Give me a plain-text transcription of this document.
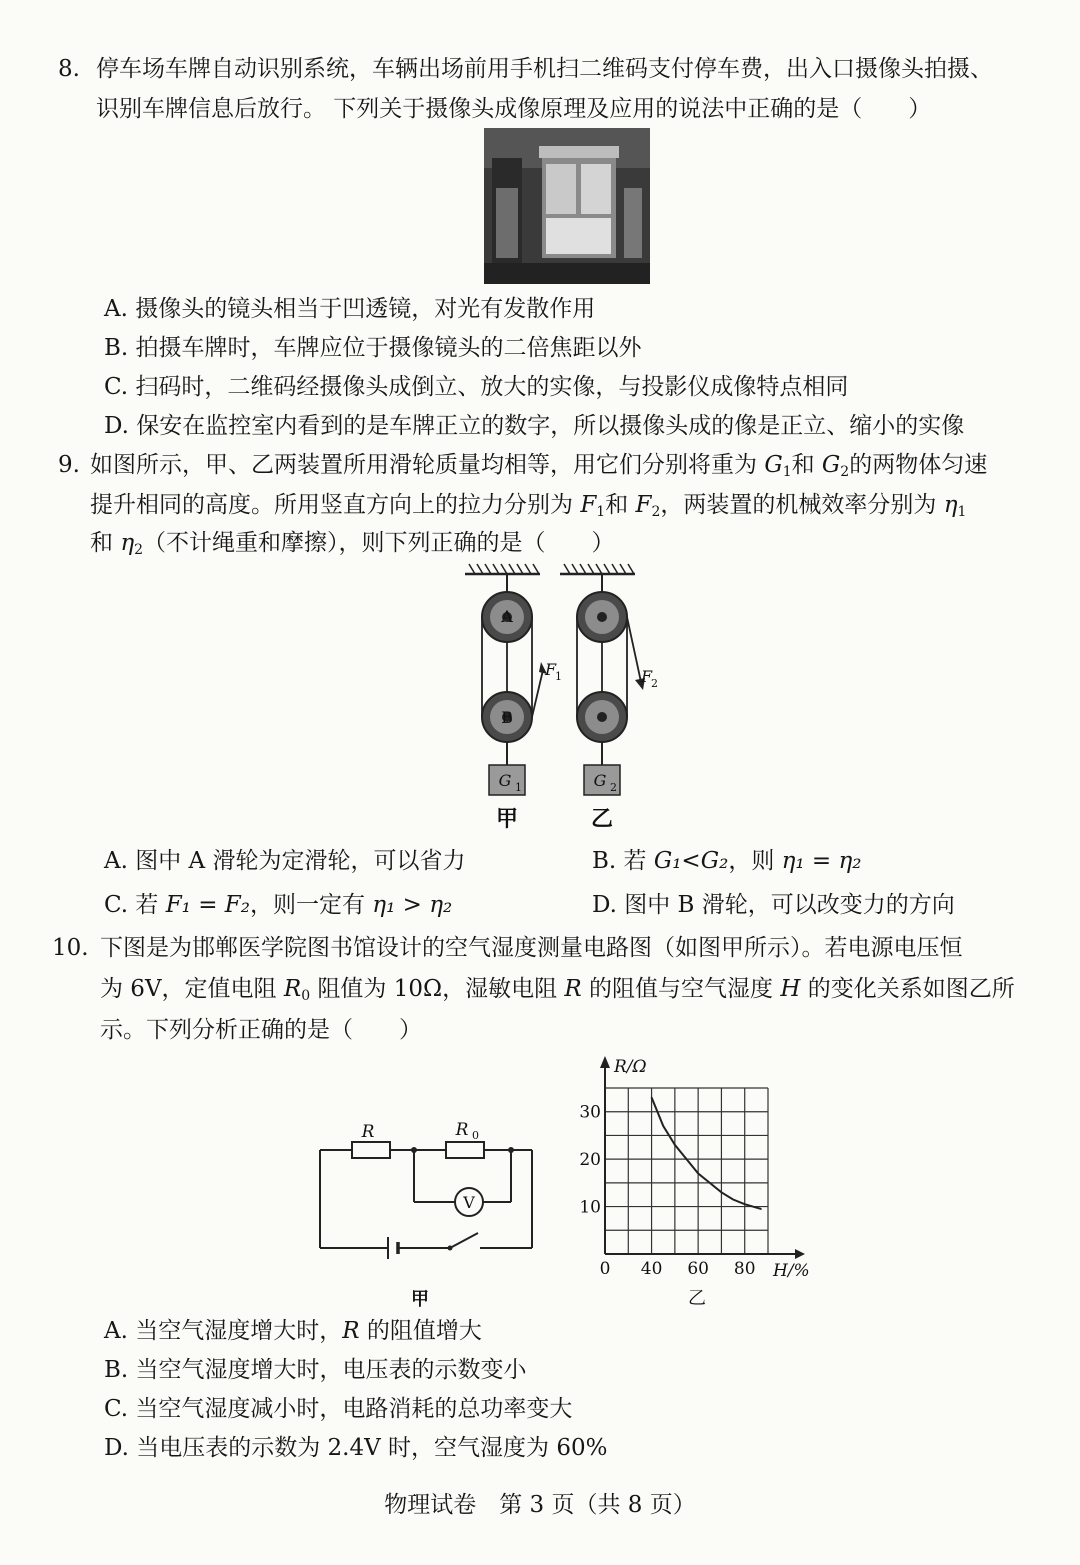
8. 停车场车牌自动识别系统，车辆出场前用手机扫二维码支付停车费，出入口摄像头拍摄、
识别车牌信息后放行。 下列关于摄像头成像原理及应用的说法中正确的是（　　）
A. 摄像头的镜头相当于凹透镜，对光有发散作用
B. 拍摄车牌时，车牌应位于摄像镜头的二倍焦距以外
C. 扫码时，二维码经摄像头成倒立、放大的实像，与投影仪成像特点相同
D. 保安在监控室内看到的是车牌正立的数字，所以摄像头成的像是正立、缩小的实像
9. 如图所示，甲、乙两装置所用滑轮质量均相等，用它们分别将重为 $G_1$和 $G_2$的两物体匀速
提升相同的高度。所用竖直方向上的拉力分别为 $F_1$和 $F_2$，两装置的机械效率分别为 $\eta_1$
和 $\eta_2$（不计绳重和摩擦），则下列正确的是（　　）
A
B
F
1
G 1
甲
F
2
G 2
乙
A. 图中 A 滑轮为定滑轮，可以省力	B. 若 G₁<G₂，则 η₁ = η₂
C. 若 F₁ = F₂，则一定有 η₁ > η₂	D. 图中 B 滑轮，可以改变力的方向
10. 下图是为邯郸医学院图书馆设计的空气湿度测量电路图（如图甲所示）。若电源电压恒
为 6V，定值电阻 $R_0$ 阻值为 10Ω，湿敏电阻 R 的阻值与空气湿度 H 的变化关系如图乙所
示。下列分析正确的是（　　）
R	R 0
V
甲
R/Ω
H/%
0 40 60 80
30
20
10
乙
A. 当空气湿度增大时，R 的阻值增大
B. 当空气湿度增大时，电压表的示数变小
C. 当空气湿度减小时，电路消耗的总功率变大
D. 当电压表的示数为 2.4V 时，空气湿度为 60%
物理试卷　第 3 页（共 8 页）
